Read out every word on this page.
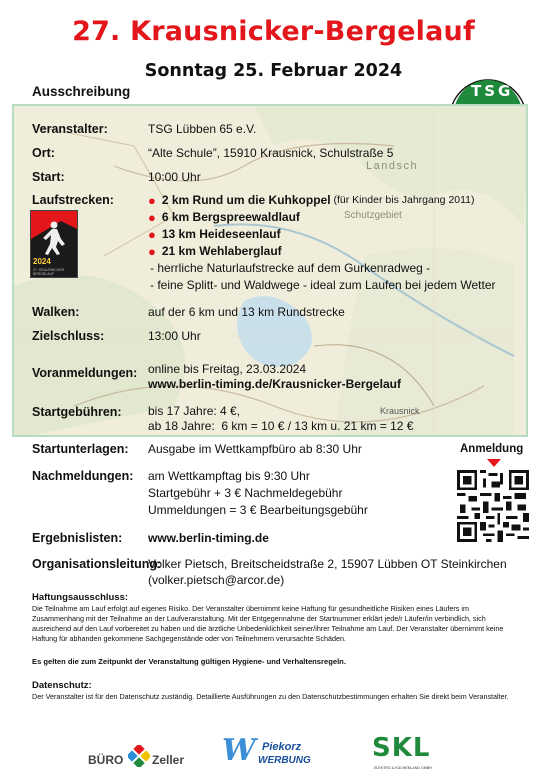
27. Krausnicker-Bergelauf
Sonntag 25. Februar 2024
Ausschreibung	TSG
Landsch
Schutzgebiet
Krausnick
Veranstalter:	TSG Lübben 65 e.V.
Ort:	“Alte Schule”, 15910 Krausnick, Schulstraße 5
Start:	10:00 Uhr
Laufstrecken:
2024
27. KRAUSNICKER BERGELAUF
● 2 km Rund um die Kuhkoppel (für Kinder bis Jahrgang 2011)
● 6 km Bergspreewaldlauf
● 13 km Heideseenlauf
● 21 km Wehlaberglauf
- herrliche Naturlaufstrecke auf dem Gurkenradweg -
- feine Splitt- und Waldwege - ideal zum Laufen bei jedem Wetter
Walken:	auf der 6 km und 13 km Rundstrecke
Zielschluss:	13:00 Uhr
Voranmeldungen: online bis Freitag, 23.03.2024
www.berlin-timing.de/Krausnicker-Bergelauf
Startgebühren: bis 17 Jahre: 4 €,
ab 18 Jahre:  6 km = 10 € / 13 km u. 21 km = 12 €
Startunterlagen: Ausgabe im Wettkampfbüro ab 8:30 Uhr
Nachmeldungen: am Wettkampftag bis 9:30 Uhr
Startgebühr + 3 € Nachmeldegebühr
Ummeldungen = 3 € Bearbeitungsgebühr
Ergebnislisten: www.berlin-timing.de
Organisationsleitung:
Volker Pietsch, Breitscheidstraße 2, 15907 Lübben OT Steinkirchen
(volker.pietsch@arcor.de)
Anmeldung
Haftungsausschluss:
Die Teilnahme am Lauf erfolgt auf eigenes Risiko. Der Veranstalter übernimmt keine Haftung für gesundheitliche Risiken eines Läufers im Zusammenhang mit der Teilnahme an der Laufveranstaltung. Mit der Entgegennahme der Startnummer erklärt jede/r Läufer/in verbindlich, sich ausreichend auf den Lauf vorbereitet zu haben und die ärztliche Unbedenklichkeit seiner/ihrer Teilnahme am Lauf. Der Veranstalter übernimmt keine Haftung für abhanden gekommene Sachgegenstände oder von Teilnehmern verursachte Schäden.
Es gelten die zum Zeitpunkt der Veranstaltung gültigen Hygiene- und Verhaltensregeln.
Datenschutz:
Der Veranstalter ist für den Datenschutz zuständig. Detaillierte Ausführungen zu den Datenschutzbestimmungen erhalten Sie direkt beim Veranstalter.
BÜRO Zeller W Piekorz
WERBUNG SKL
ELEKTRO & KÜCHENLAND GMBH
